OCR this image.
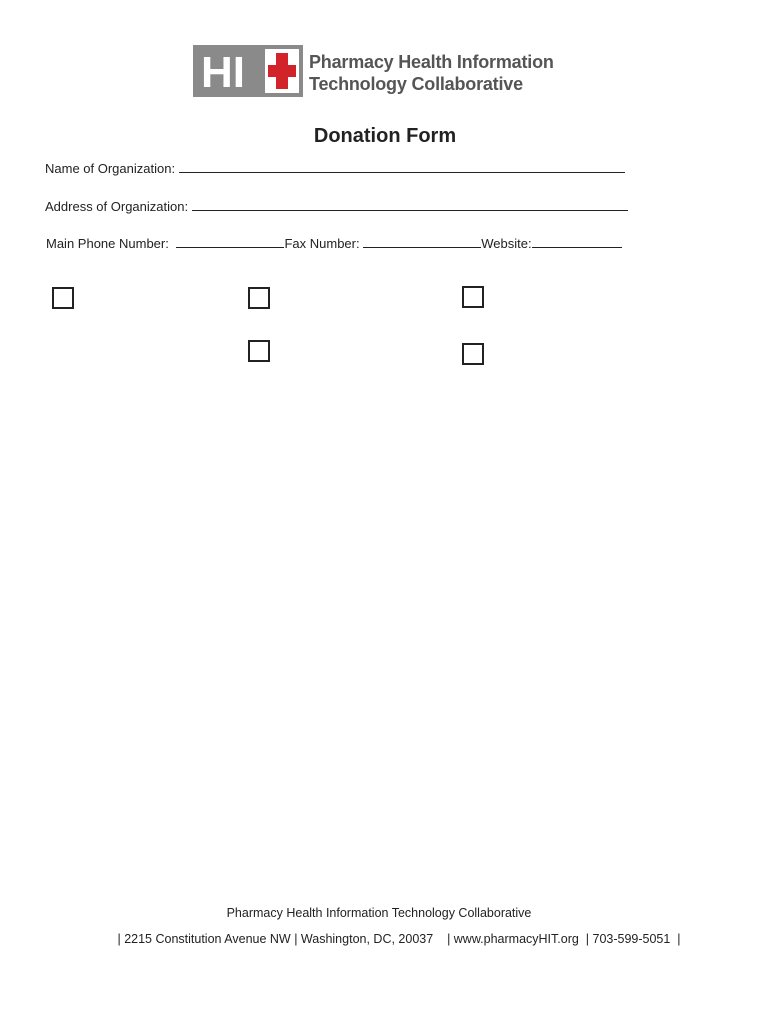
HI	Pharmacy Health Information
Technology Collaborative
Donation Form
Name of Organization:
Address of Organization:
Main Phone Number:	Fax Number:	Website:
Pharmacy Health Information Technology Collaborative
| 2215 Constitution Avenue NW | Washington, DC, 20037    | www.pharmacyHIT.org  | 703-599-5051  |
